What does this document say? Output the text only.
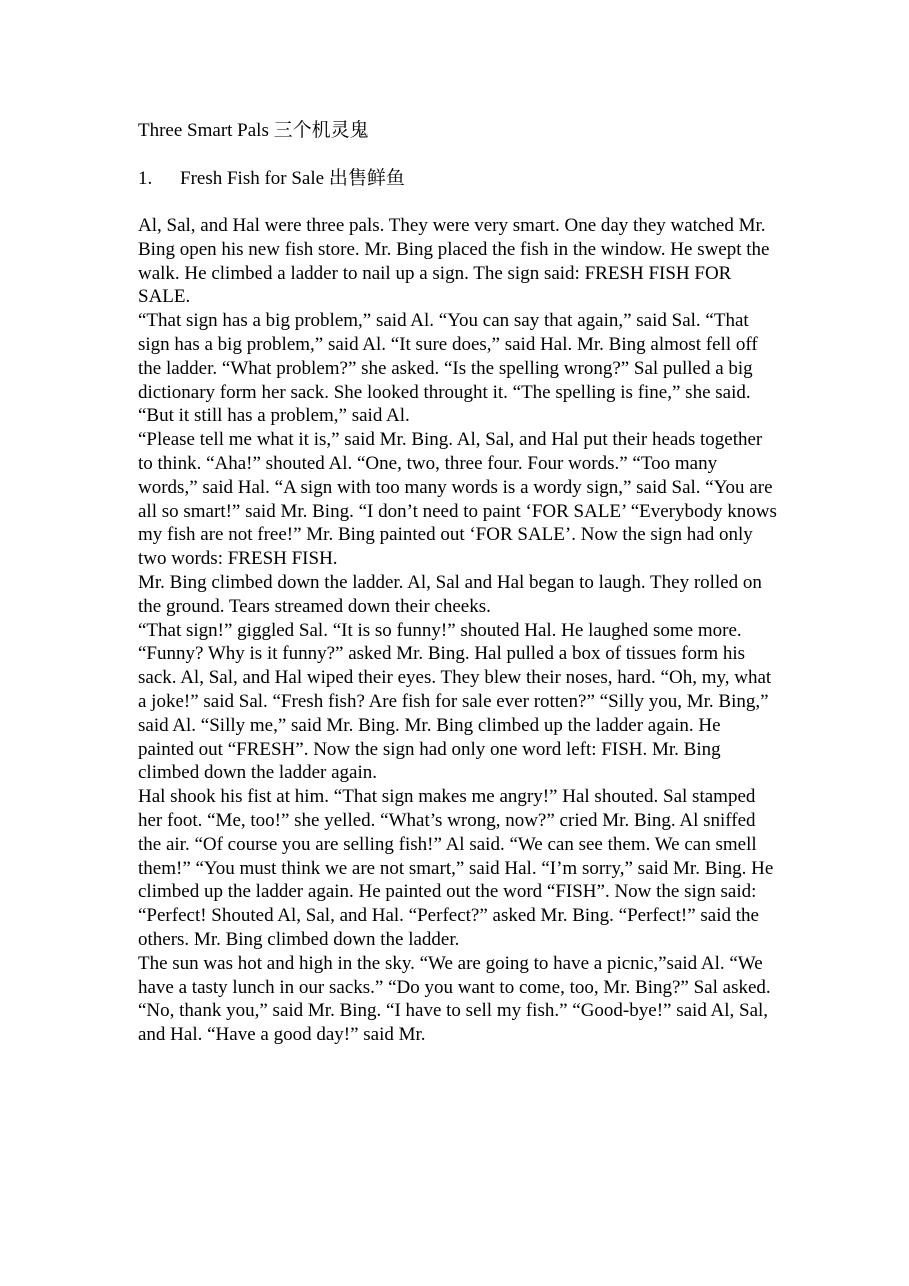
Three Smart Pals 三个机灵鬼
1. Fresh Fish for Sale 出售鲜鱼

Al, Sal, and Hal were three pals. They were very smart. One day they watched Mr. Bing open his new fish store. Mr. Bing placed the fish in the window. He swept the walk. He climbed a ladder to nail up a sign. The sign said: FRESH FISH FOR SALE.

“That sign has a big problem,” said Al. “You can say that again,” said Sal. “That sign has a big problem,” said Al. “It sure does,” said Hal. Mr. Bing almost fell off the ladder. “What problem?” she asked. “Is the spelling wrong?” Sal pulled a big dictionary form her sack. She looked throught it. “The spelling is fine,” she said. “But it still has a problem,” said Al.

“Please tell me what it is,” said Mr. Bing. Al, Sal, and Hal put their heads together to think. “Aha!” shouted Al. “One, two, three four. Four words.” “Too many words,” said Hal. “A sign with too many words is a wordy sign,” said Sal. “You are all so smart!” said Mr. Bing. “I don’t need to paint ‘FOR SALE’ “Everybody knows my fish are not free!” Mr. Bing painted out ‘FOR SALE’. Now the sign had only two words: FRESH FISH.

Mr. Bing climbed down the ladder. Al, Sal and Hal began to laugh. They rolled on the ground. Tears streamed down their cheeks.

“That sign!” giggled Sal. “It is so funny!” shouted Hal. He laughed some more. “Funny? Why is it funny?” asked Mr. Bing. Hal pulled a box of tissues form his sack. Al, Sal, and Hal wiped their eyes. They blew their noses, hard. “Oh, my, what a joke!” said Sal. “Fresh fish? Are fish for sale ever rotten?” “Silly you, Mr. Bing,” said Al. “Silly me,” said Mr. Bing. Mr. Bing climbed up the ladder again. He painted out “FRESH”. Now the sign had only one word left: FISH. Mr. Bing climbed down the ladder again.

Hal shook his fist at him. “That sign makes me angry!” Hal shouted. Sal stamped her foot. “Me, too!” she yelled. “What’s wrong, now?” cried Mr. Bing. Al sniffed the air. “Of course you are selling fish!” Al said. “We can see them. We can smell them!” “You must think we are not smart,” said Hal. “I’m sorry,” said Mr. Bing. He climbed up the ladder again. He painted out the word “FISH”. Now the sign said:

“Perfect! Shouted Al, Sal, and Hal. “Perfect?” asked Mr. Bing. “Perfect!” said the others. Mr. Bing climbed down the ladder.

The sun was hot and high in the sky. “We are going to have a picnic,”said Al. “We have a tasty lunch in our sacks.” “Do you want to come, too, Mr. Bing?” Sal asked. “No, thank you,” said Mr. Bing. “I have to sell my fish.” “Good-bye!” said Al, Sal, and Hal. “Have a good day!” said Mr.
